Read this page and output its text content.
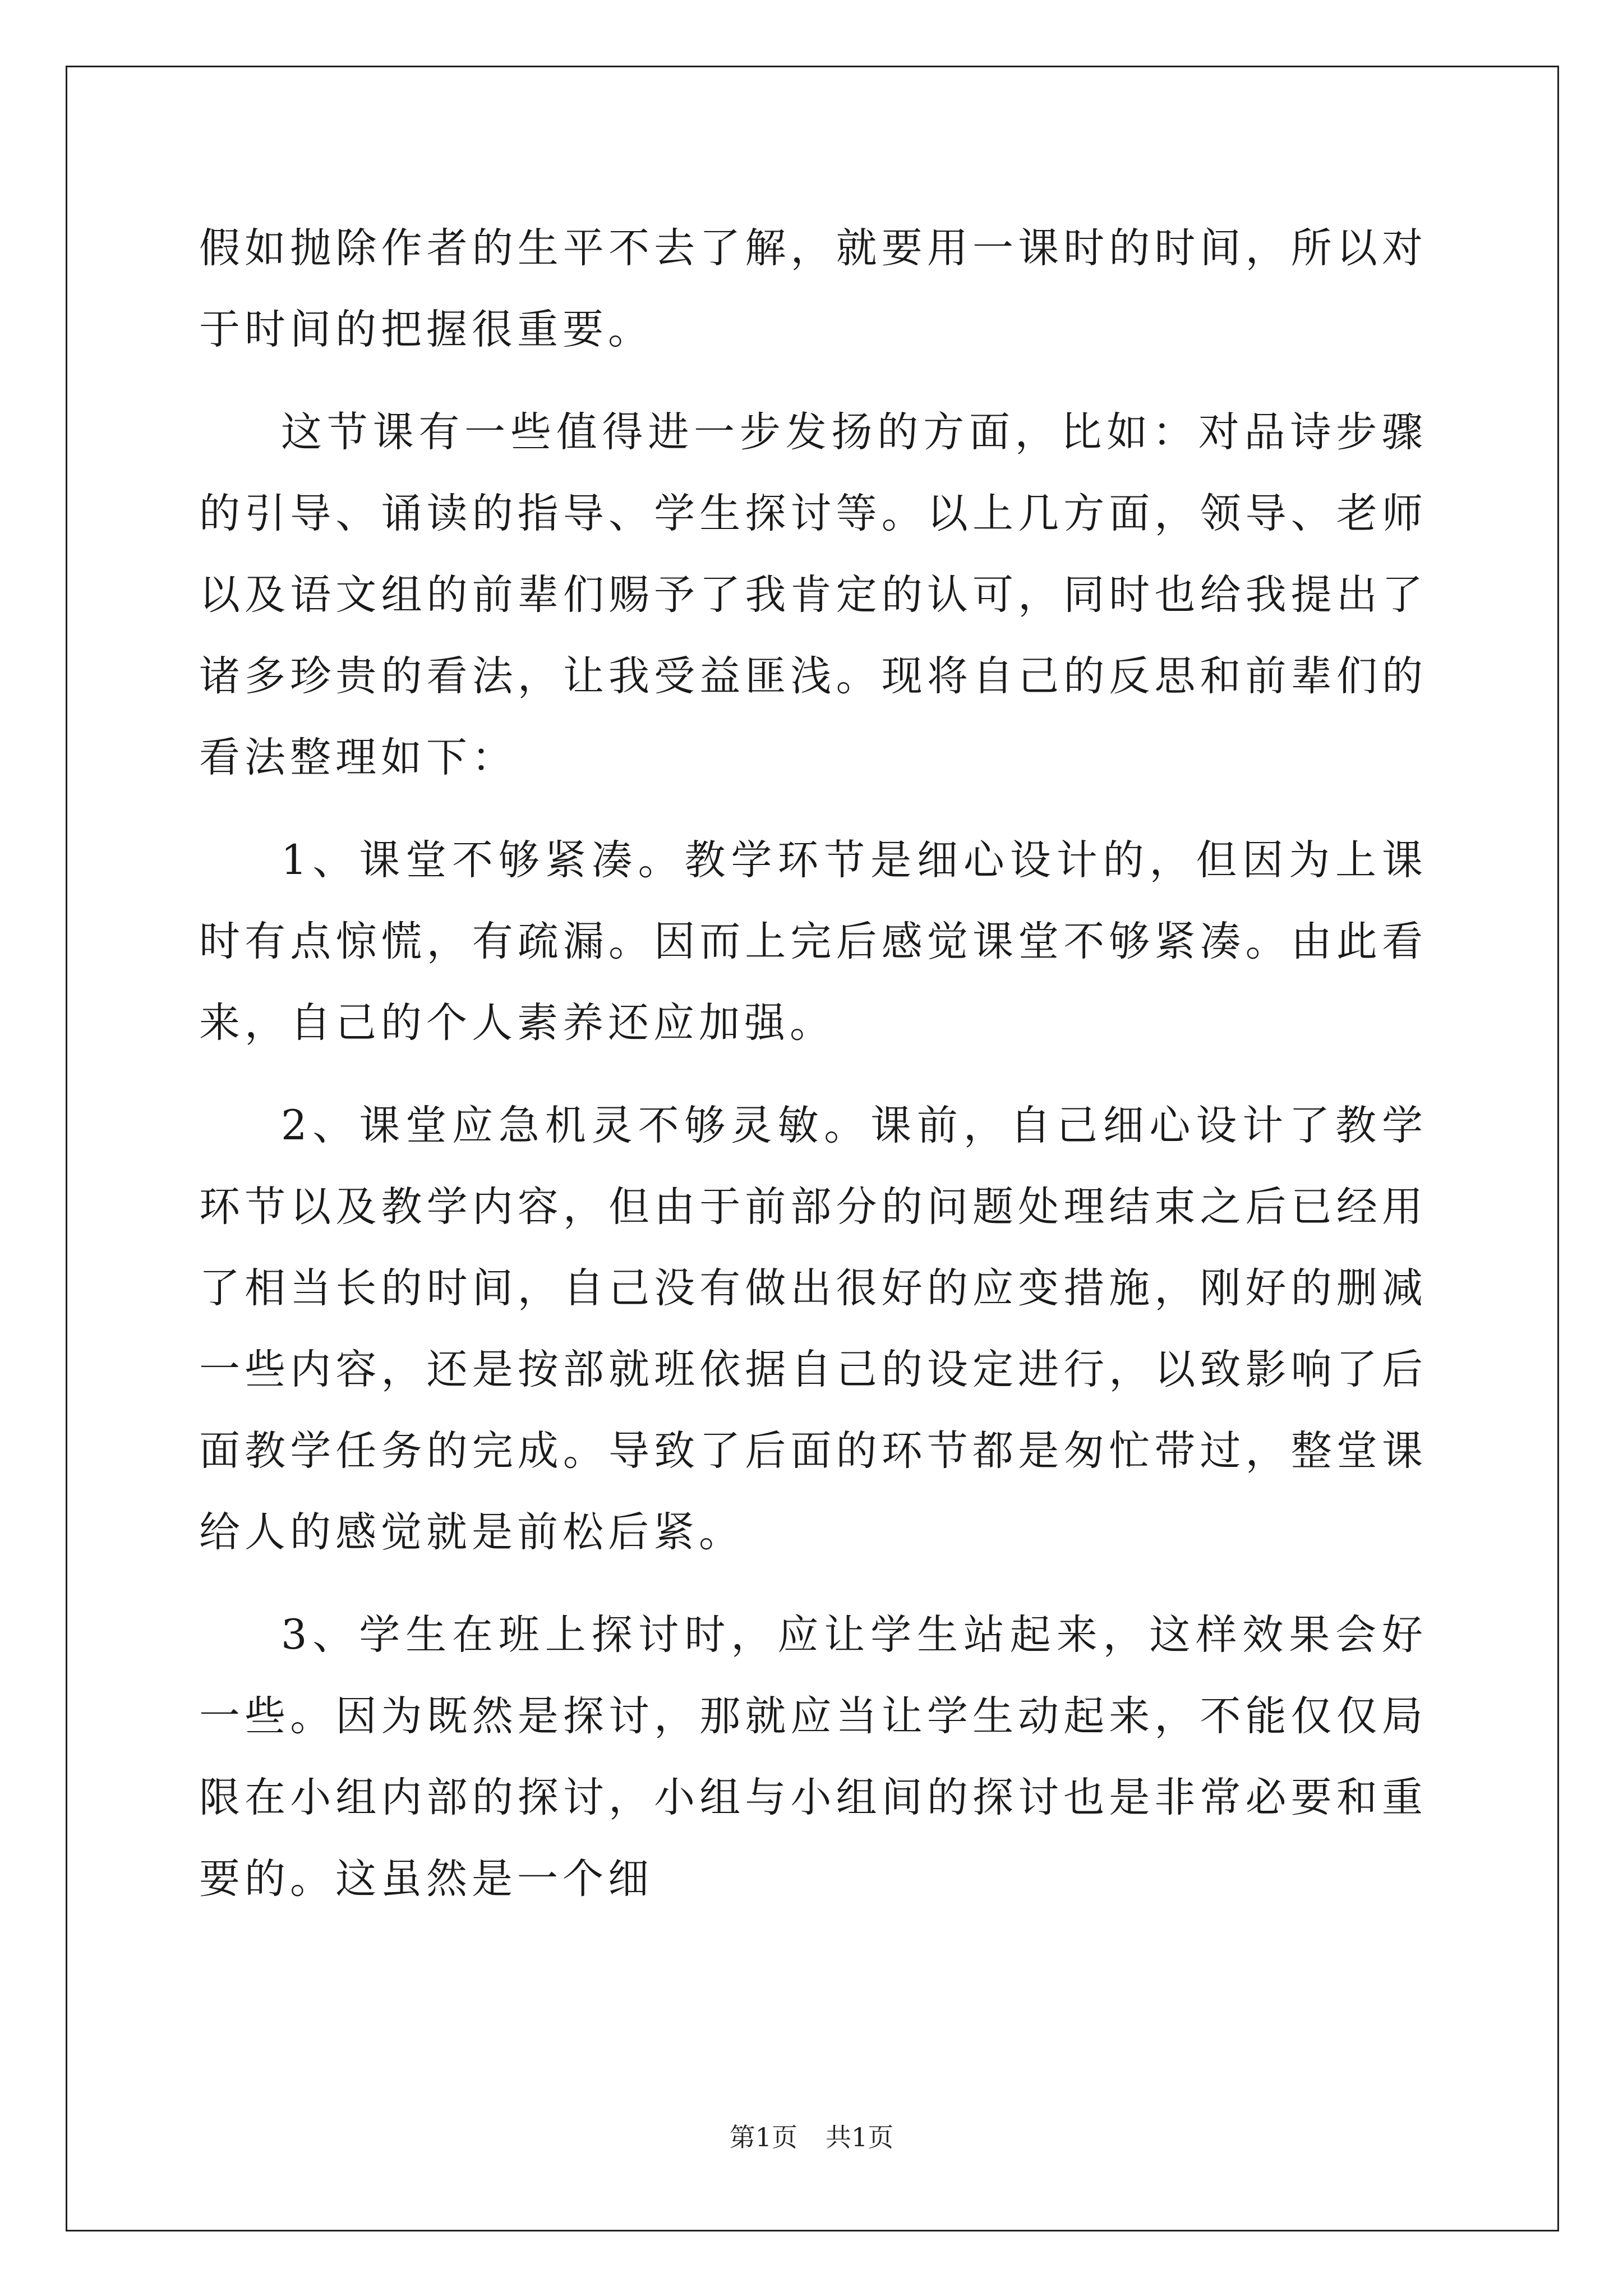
假如抛除作者的生平不去了解，就要用一课时的时间，所以对于时间的把握很重要。

这节课有一些值得进一步发扬的方面，比如：对品诗步骤的引导、诵读的指导、学生探讨等。以上几方面，领导、老师以及语文组的前辈们赐予了我肯定的认可，同时也给我提出了诸多珍贵的看法，让我受益匪浅。现将自己的反思和前辈们的看法整理如下：

1、课堂不够紧凑。教学环节是细心设计的，但因为上课时有点惊慌，有疏漏。因而上完后感觉课堂不够紧凑。由此看来，自己的个人素养还应加强。

2、课堂应急机灵不够灵敏。课前，自己细心设计了教学环节以及教学内容，但由于前部分的问题处理结束之后已经用了相当长的时间，自己没有做出很好的应变措施，刚好的删减一些内容，还是按部就班依据自己的设定进行，以致影响了后面教学任务的完成。导致了后面的环节都是匆忙带过，整堂课给人的感觉就是前松后紧。

3、学生在班上探讨时，应让学生站起来，这样效果会好一些。因为既然是探讨，那就应当让学生动起来，不能仅仅局限在小组内部的探讨，小组与小组间的探讨也是非常必要和重要的。这虽然是一个细

第1页 共1页
